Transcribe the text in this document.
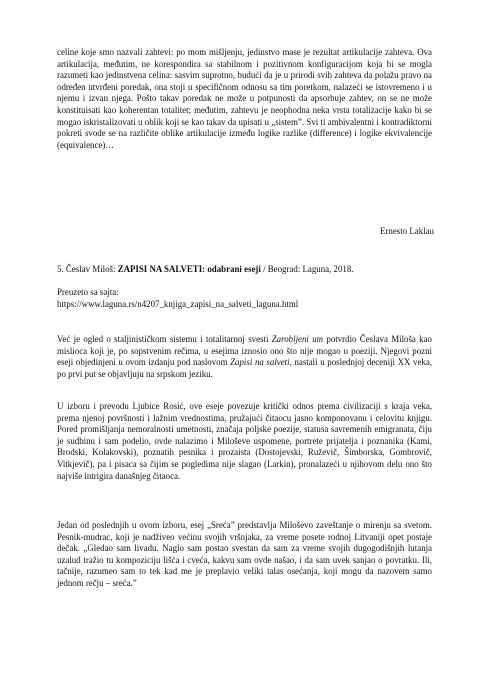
celine koje smo nazvali zahtevi: po mom mišljenju, jedinstvo mase je rezultat artikulacije zahteva. Ova artikulacija, međutim, ne korespondira sa stabilnom i pozitivnom konfiguracijom koja bi se mogla razumeti kao jedinstvena celina: sasvim suprotno, budući da je u prirodi svih zahteva da polažu pravo na određen utvrđeni poredak, ona stoji u specifičnom odnosu sa tim poretkom, nalazeći se istovremeno i u njemu i izvan njega. Pošto takav poredak ne može u potpunosti da apsorbuje zahtev, on se ne može konstituisati kao koherentan totalitet; međutim, zahtevu je neophodna neka vrsta totalizacije kako bi se mogao iskristalizovati u oblik koji se kao takav da upisati u „sistem”. Svi ti ambivalentni i kontradiktorni pokreti svode se na različite oblike artikulacije između logike razlike (difference) i logike ekvivalencije (equivalence)…

Ernesto Laklau

5. Česlav Miloš: ZAPISI NA SALVETI: odabrani eseji / Beograd: Laguna, 2018.

Preuzeto sa sajta:

https://www.laguna.rs/n4207_knjiga_zapisi_na_salveti_laguna.html

Već je ogled o staljinističkom sistemu i totalitarnoj svesti Zarobljeni um potvrdio Česlava Miloša kao mislioca koji je, po sopstvenim rečima, u esejima iznosio ono što nije mogao u poeziji. Njegovi pozni eseji objedinjeni u ovom izdanju pod naslovom Zapisi na salveti, nastali u poslednjoj deceniji XX veka, po prvi put se objavljuju na srpskom jeziku.

U izboru i prevodu Ljubice Rosić, ove eseje povezuje kritički odnos prema civilizaciji s kraja veka, prema njenoj površnosti i lažnim vrednostima, pružajući čitaocu jasno komponovanu i celovitu knjigu. Pored promišljanja nemoralnosti umetnosti, značaja poljske poezije, statusa savremenih emigranata, čiju je sudbinu i sam podelio, ovde nalazimo i Miloševe uspomene, portrete prijatelja i poznanika (Kami, Brodski, Kolakovski), poznatih pesnika i prozaista (Dostojevski, Ruževič, Šimborska, Gombrovič, Vitkjevič), pa i pisaca sa čijim se pogledima nije slagao (Larkin), pronalazeći u njihovom delu ono što najviše intrigira današnjeg čitaoca.

Jedan od poslednjih u ovom izboru, esej „Sreća” predstavlja Miloševo zaveštanje o mirenju sa svetom. Pesnik-mudrac, koji je nadživeo većinu svojih vršnjaka, za vreme posete rodnoj Litvaniji opet postaje dečak. „Gledao sam livadu. Naglo sam postao svestan da sam za vreme svojih dugogodišnjih lutanja uzalud tražio tu kompoziciju lišća i cveća, kakvu sam ovde našao, i da sam uvek sanjao o povratku. Ili, tačnije, razumeo sam to tek kad me je preplavio veliki talas osećanja, koji mogu da nazovem samo jednom rečju – sreća.”
